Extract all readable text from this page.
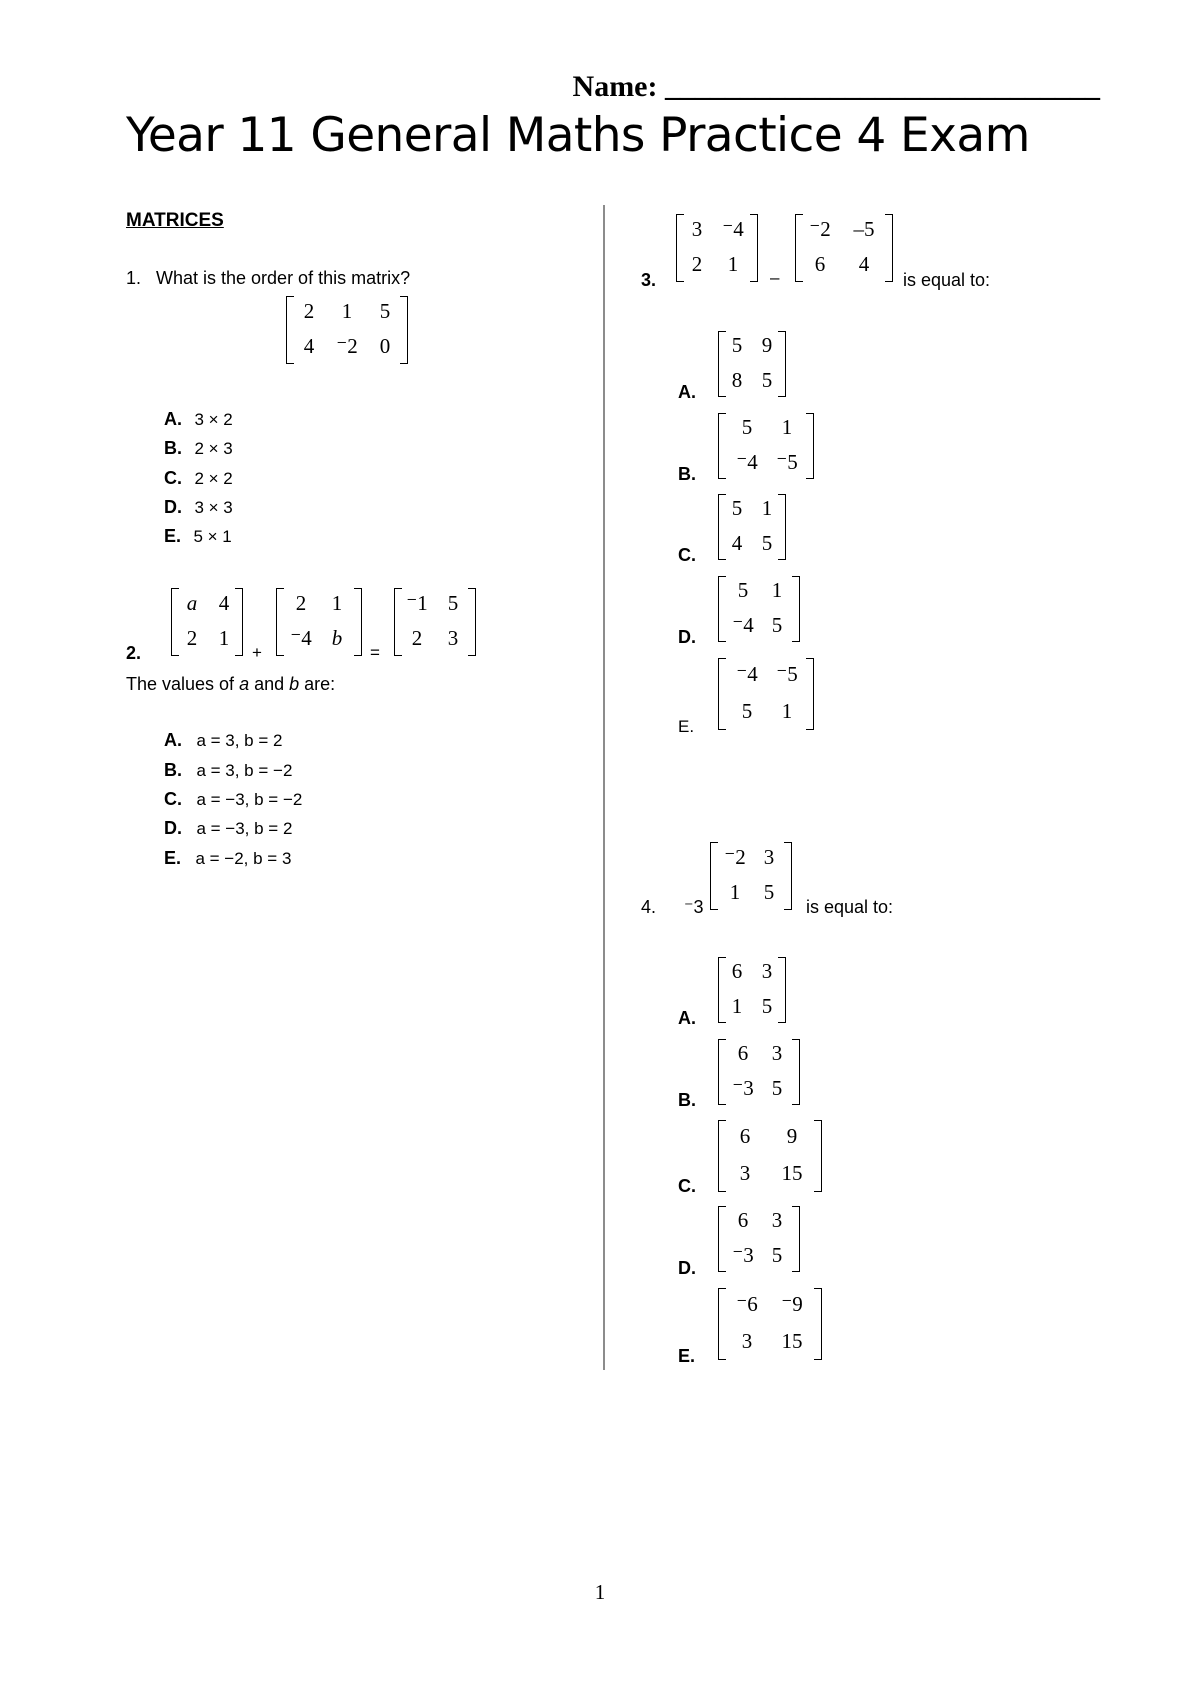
Name: _____________________________
Year 11 General Maths Practice 4 Exam
MATRICES
1. What is the order of this matrix?
2	1	5
4	⁻2	0
A. 3 × 2
B. 2 × 3
C. 2 × 2
D. 3 × 3
E. 5 × 1
2.
a	4
2	1
+
2	1
⁻4 b
=
⁻1 5
2	3
The values of a and b are:
A. a = 3, b = 2
B. a = 3, b = −2
C. a = −3, b = −2
D. a = −3, b = 2
E. a = −2, b = 3
3.
3 ⁻4
2	1
–
⁻2	–5
6	4
is equal to:
A.
5 9
8 5
B.
5	1
⁻4 ⁻5
C.
5 1
4 5
D.
5	1
⁻4 5
E.
⁻4 ⁻5
5	1
4. ⁻3
⁻2 3
1	5
is equal to:
A.
6 3
1 5
B.
6	3
⁻3 5
C.
6	9
3	15
D.
6	3
⁻3 5
E.
⁻6	⁻9
3	15
1
